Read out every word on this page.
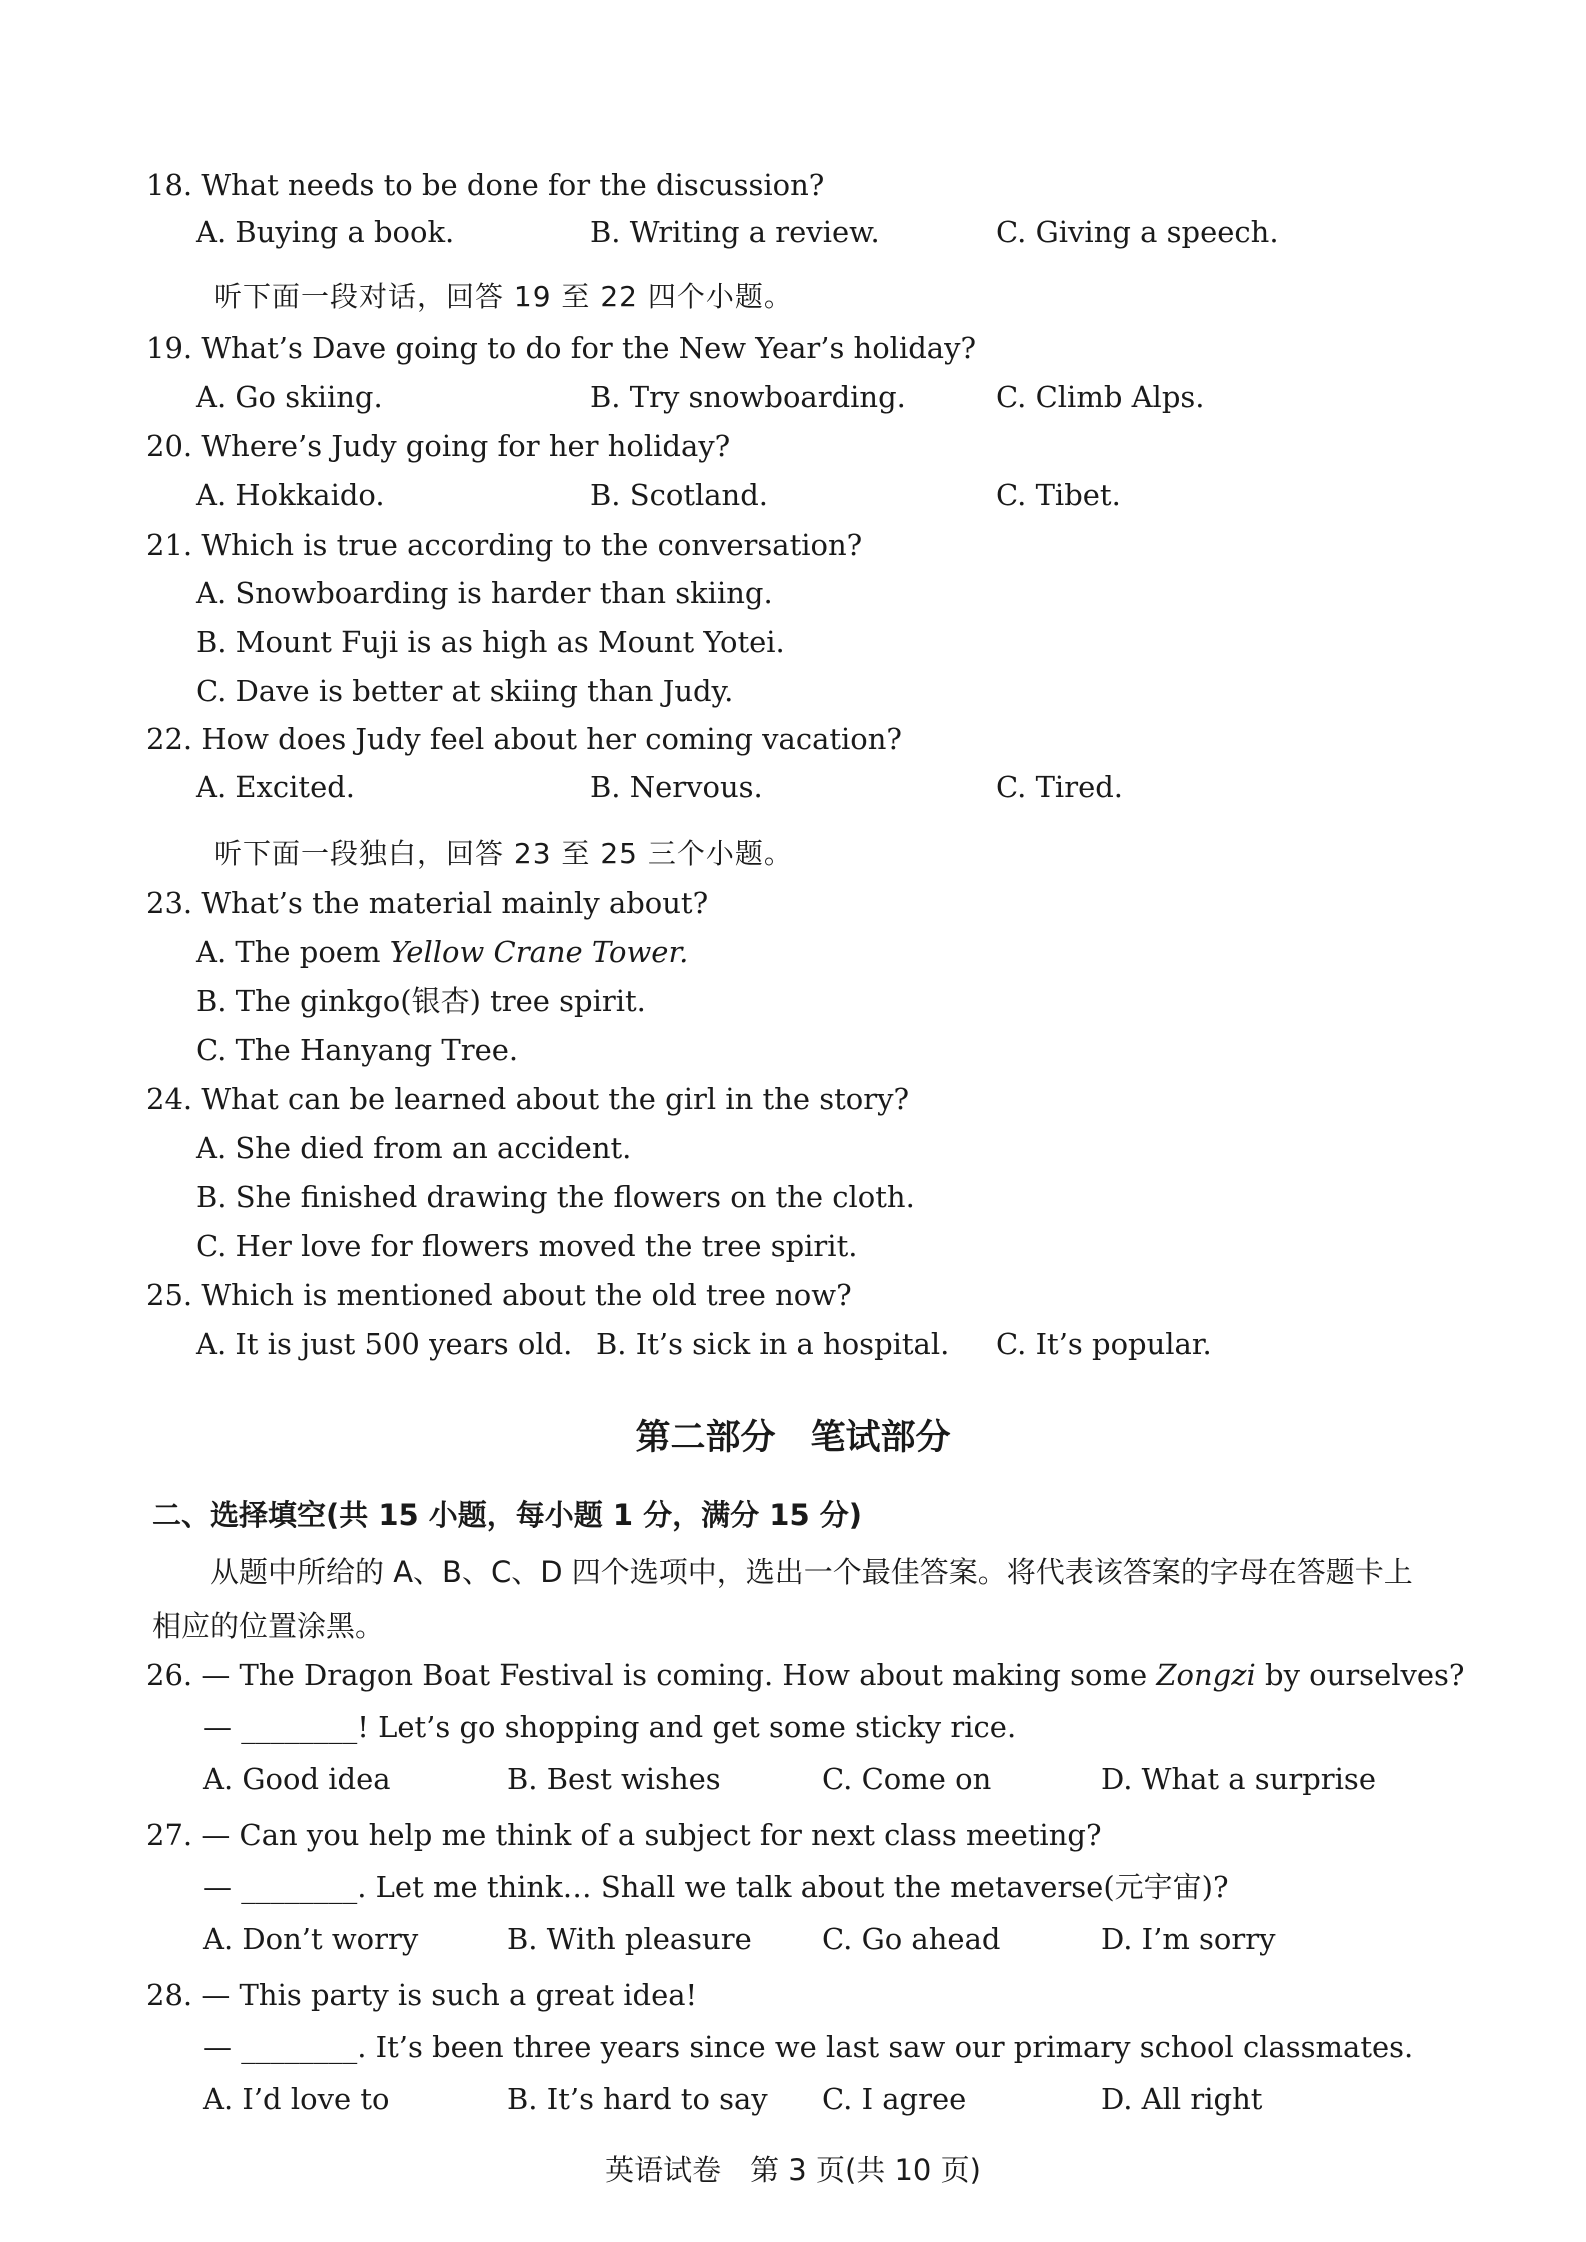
18. What needs to be done for the discussion?
A. Buying a book.	B. Writing a review.	C. Giving a speech.
听下面一段对话，回答 19 至 22 四个小题。
19. What’s Dave going to do for the New Year’s holiday?
A. Go skiing.	B. Try snowboarding.	C. Climb Alps.
20. Where’s Judy going for her holiday?
A. Hokkaido.	B. Scotland.	C. Tibet.
21. Which is true according to the conversation?
A. Snowboarding is harder than skiing.
B. Mount Fuji is as high as Mount Yotei.
C. Dave is better at skiing than Judy.
22. How does Judy feel about her coming vacation?
A. Excited.	B. Nervous.	C. Tired.
听下面一段独白，回答 23 至 25 三个小题。
23. What’s the material mainly about?
A. The poem Yellow Crane Tower.
B. The ginkgo(银杏) tree spirit.
C. The Hanyang Tree.
24. What can be learned about the girl in the story?
A. She died from an accident.
B. She finished drawing the flowers on the cloth.
C. Her love for flowers moved the tree spirit.
25. Which is mentioned about the old tree now?
A. It is just 500 years old. B. It’s sick in a hospital. C. It’s popular.
第二部分　笔试部分
二、选择填空(共 15 小题，每小题 1 分，满分 15 分)
从题中所给的 A、B、C、D 四个选项中，选出一个最佳答案。将代表该答案的字母在答题卡上相应的位置涂黑。
26. — The Dragon Boat Festival is coming. How about making some Zongzi by ourselves?
— ________! Let’s go shopping and get some sticky rice.
A. Good idea	B. Best wishes	C. Come on	D. What a surprise
27. — Can you help me think of a subject for next class meeting?
— ________. Let me think… Shall we talk about the metaverse(元宇宙)?
A. Don’t worry	B. With pleasure C. Go ahead	D. I’m sorry
28. — This party is such a great idea!
— ________. It’s been three years since we last saw our primary school classmates.
A. I’d love to	B. It’s hard to say C. I agree	D. All right
英语试卷　第 3 页(共 10 页)
